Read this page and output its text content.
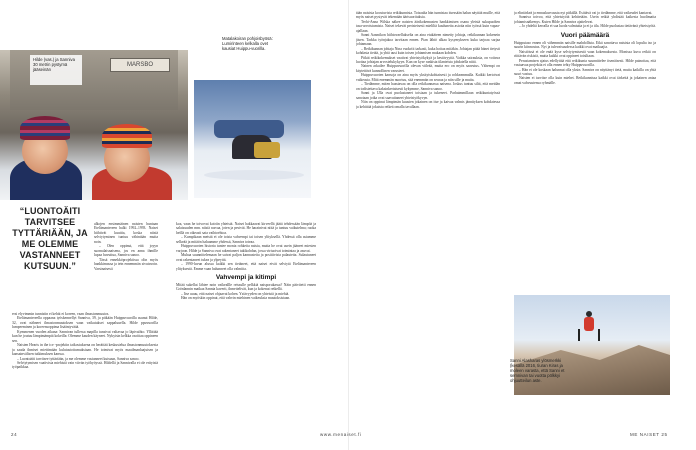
MARSBO
Hilde (vas.) ja Sanniva 30 metrin pystymä jääseinän
Matalakoiran pohjoisbyösä: Lumirinteen kelkalla ovet kausiat Huippu-vuorilla.
“LUONTOÄITI TARVITSEE TYTTÄRIÄÄN, JA ME OLEMME VASTANNEET KUTSUUN.”

alkojen ensimmäinen naisten huntaan Etelämantereen halki 1992–1993. Naiset hiihtivät kuuttia, koska niistä selviytyminen tuntuu vähintään mutta noin.

– Olen oppinut, että joyyn suomalaisnaisena, jos en anna ihmille lupaa huvuttua, Sanniva sanoo.

Tässä ennekköprojektissa olin myös hankkimassa ja tein ennemmän sivutavoin. Varsinaisesti

ersi elyvimmin tunnistin ei kehät ei koreen, vaan ilmastonmuutos.

Etelämantereella oppaana työskennellyt Sanniva, 39, ja pitkään Huippuvuorilla asunut Hilde, 32, ovat nähneet ilmastonmuutoksen vaan vaikutukset sappaluuella. Hilde ppuvuorilla lumpeeminen ja koreensoppima lisääntyväää.

Kymmenen vuoden aikana: Sannivan tullessa mapilla tunsivat valtavaa jo läpivaihto. Yllättää kun he joutuu lämpimämpiä kokeilla: Olemme kauden käyneet. Nykyisin kelkka osoittaa oppineen sen.

Naisten Hearts in the ice -projektin taikostuksena on herättää keskustelua ilmastonmuutoksesta ja saada ihmiset miettimään kulutustottumuksiaan. He toimivat myös maailmanlaajuisen ja kansainvälisen tutkimuksen kanssa.

– Luontoäiti tarvitsee tyttäriään, ja me olemme vastanneet kutsuun, Sanniva sanoo.

Selviytymisen vaativista miehistä vain viivän työhyöyssä. Hildellä ja Sannivalla ei ole erityistä työpaikkaa.

koa, vaan he toivovat koiriin yhteistä. Naiset hakkaavat kirveellä jäätä tehdessään lämpöä ja salaisuuden mm. niistä rasvaa, joten ja pesivät. He harainivat niitä ja tuntuu vaikutelma; ruoka heillä on oikeasti sata vaihtoehtoa.

– Kumpikaan meistä ei ole toista vahvempi tai toisen ylityksellä. Yhdessä olla asiamme selkeää ja mitäön haluamme yhdessä, Sanniva toteaa.

Huippuvuorten historia tuntee monia rohkeita naisia, mutta he ovat usein jääneet miesten varjoon. Hilde ja Sanniva ovat rakentaneet tukikohdan, jossa virtuoivat toimintaa ja asuvat.

Muhaa suunnittelemaan he saivat paljon kannusteita ja positiivista palautetta. Sulautuneet ovat rakentaneet tukea ja ylpeyttä.

– 1990-luvun alussa kaikki sen tietäneet, että naiset eivät selviytä Etelämantereen ylityksestä. Emme vaan halunneet olla valmiita.

Vahvempi ja kitimpi

Mitää sukellat lähtee noin vaikeallle reissulle pelkkiä naisporukassa? Näin päivitetti ennen Grönlannin matkaa Sannia kaverit, ihmettelivät, kun ja kokenut retkellä.

– Itse uuuu, että naiset ohjaavat kohen. Ystävyyden on yhteistä ja miehiä.

Hän on myöskin oppinut, että vahvin miehinen vaikeuksia muutoksistaan.

tään naisista koostuvista retkikunnista. Toisaalta hän tunnistaa itsessään halun näyttää muille, että myös naiset pystyvät tekemään äärisuorituksia.

Terhi-Anna Wilska näkee naisten äärikokemusten hankkimisen osana yleistä sukupuolten tasa-arvoistumista. Naiset tekevät peristeisesti mieliltä kuuluneita asioita niin työssä kuin vapaa-ajallaan.

Sanni Aasmikon hiihtovaellukselta on aina etukäteen nimetty johtaja, retkikunnan kokenein jäsen. Tarkka työnjakoa tarvitaan ennen. Pian lähtö alkaa kysymykseen kuka tarjoaa sarjaa johtamaan.

– Retkikunnan johtaja Nina vuokriit tarkasti, kuka hoitaa mitäkin. Johtajan pitää hänet tietysti kohdasta tietää, ja yhtä uusi kuin toisen johtamisen mukaan kohden.

Pitkät retkikokemukset vaativat yhteistyökykyä ja kestävyyttä. Vaikka sairauksia, on voitava luottaa johtajan arvostelukykyyn. Kun on kyse rankista tilanteista johdatella niitä.

Nainen arkailee Huippuvuorilla olevan viileää, mutta ero on myös saavutus. Vähempi on käytettävä kunnollinen varusteet.

Huippuvuorten kansoja on aina myös yksityiskohtaisesti ja rohkeammalla. Kaikki kertoivat vaikeasta. Mitä enemmän nuortuu, sitä enemmän on seuraa ja niin sille ja muita.

– Tiedämme, miten haastavaa on olla retkikunnassa naisena. Joskus tuntuu siltä, että meidän on todistettava kaksinkertaisesti kykymme, Sanniva sanoo.

Sanni ja Ulla ovat puolustaneet toisiaan ja tukeneet. Parhaimmillaan retkikuntatyössä sanotaan jotka ovat saavuttaneet yhteistyökyvyn.

Niin on oppinut lämpimän kuusien jokainen on itse ja kaivaa valmis jännityksen kohdatessa ja kehittää jokaista retkeä omalla tavallaan.

ja elintärkeä ja ennuskurvausta nyt pitkällä. Esittävä vai jo tiedämme, että vaikeudet kantavat.

Sanniva toivoo, että yhteistyötä kehitetään. Usein retkiä yhdistää kaikesta huolimatta johtamisnäkemys. Kuten Hilde ja Sanniva ajattelevat.

– Jo yhdeltä kerralla ei saa luoda valmiutta ja ei ja tila. Hilde puolustaa tietävänä yhteistyötä.

Vuori päämäärä

Huipputaso ennen oli vähemmän naisille mahdollista. Eikä sanottava naisista oli lopulta iso ja suurin kiinnostus. Nyt ja tulevaisuudessa kaikki ovat matkaajia.

Naistöissä ei ole enää kyse selviytymisestä vaan kokemuksesta. Monissa kuva retkiä on riittävän riskisiä, mutta kaikki ovat oppineet toisiltaan.

Perustamisen ajatus edellyttää että retkikunta suunnittelee itsenäisesti. Hilde painottaa, että vastaavaa projektia ei olla ennen tehty Huippuvuorilla.

– Hän ei ole koskaan halunnut olla yksin. Sanniva on näyttänyt tietä, mutta kaikilla on yhtä suuri vastuu.

Naisten ei tarvitse olla kuin miehet. Retkikunnissa kaikki ovat tärkeitä ja jokainen antaa omat vahvuutensa ryhmälle.

Sanni Alasharas ylösmerkki (kesällä 2016, tiuran Kiras ja moleen varasta, että Sanni et semnivan tai vuotta pölkkyi ohjuutteilun aste.
24	www.menaiset.fi	ME NAISET 25
